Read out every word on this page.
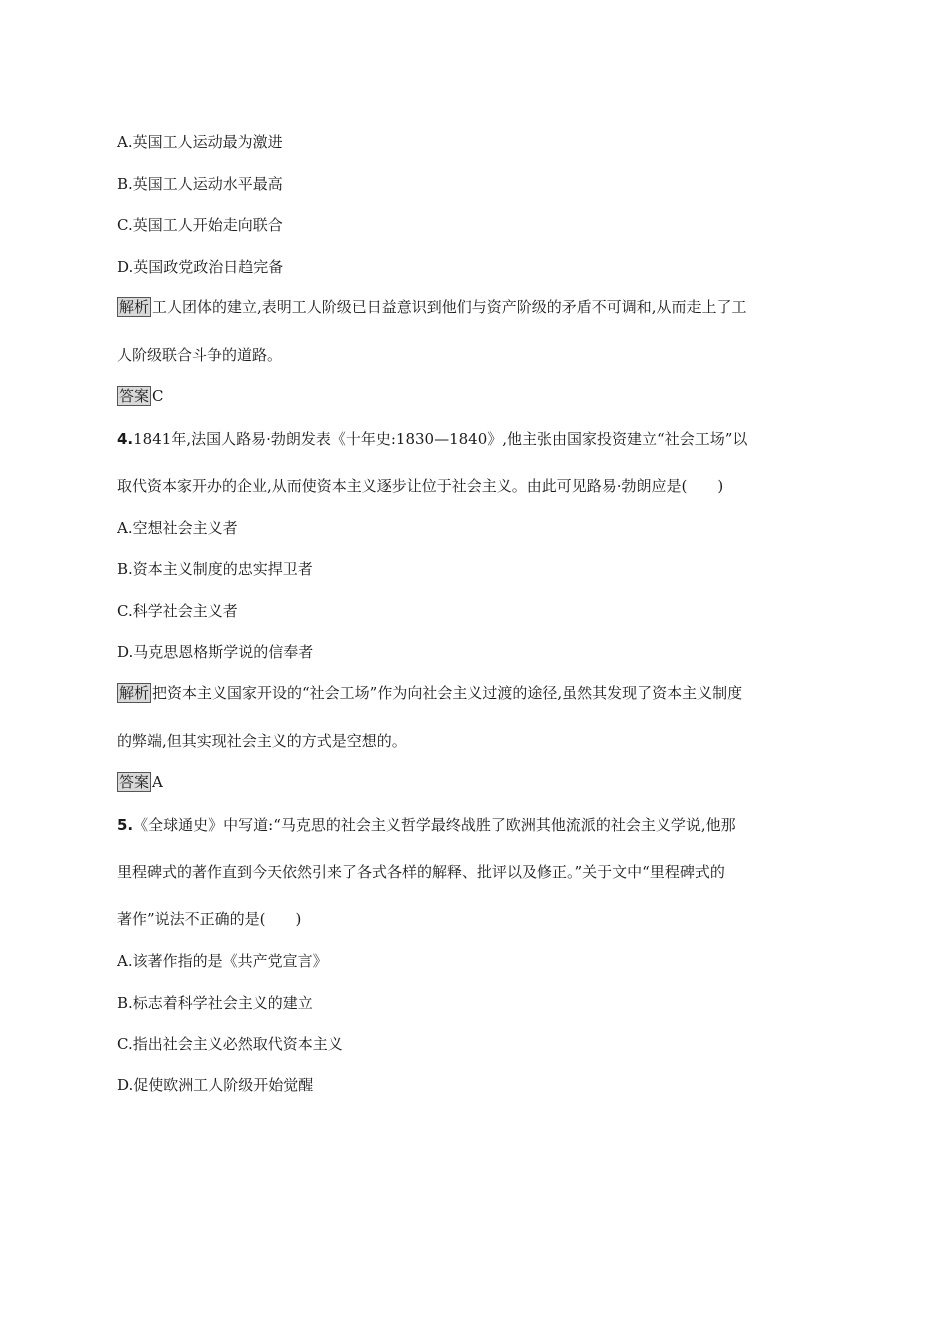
A.英国工人运动最为激进
B.英国工人运动水平最高
C.英国工人开始走向联合
D.英国政党政治日趋完备
解析 工人团体的建立,表明工人阶级已日益意识到他们与资产阶级的矛盾不可调和,从而走上了工
人阶级联合斗争的道路。
答案 C
4.1841年,法国人路易·勃朗发表《十年史:1830—1840》,他主张由国家投资建立“社会工场”以
取代资本家开办的企业,从而使资本主义逐步让位于社会主义。由此可见路易·勃朗应是(　　)
A.空想社会主义者
B.资本主义制度的忠实捍卫者
C.科学社会主义者
D.马克思恩格斯学说的信奉者
解析 把资本主义国家开设的“社会工场”作为向社会主义过渡的途径,虽然其发现了资本主义制度
的弊端,但其实现社会主义的方式是空想的。
答案 A
5.《全球通史》中写道:“马克思的社会主义哲学最终战胜了欧洲其他流派的社会主义学说,他那
里程碑式的著作直到今天依然引来了各式各样的解释、批评以及修正。”关于文中“里程碑式的
著作”说法不正确的是(　　)
A.该著作指的是《共产党宣言》
B.标志着科学社会主义的建立
C.指出社会主义必然取代资本主义
D.促使欧洲工人阶级开始觉醒
